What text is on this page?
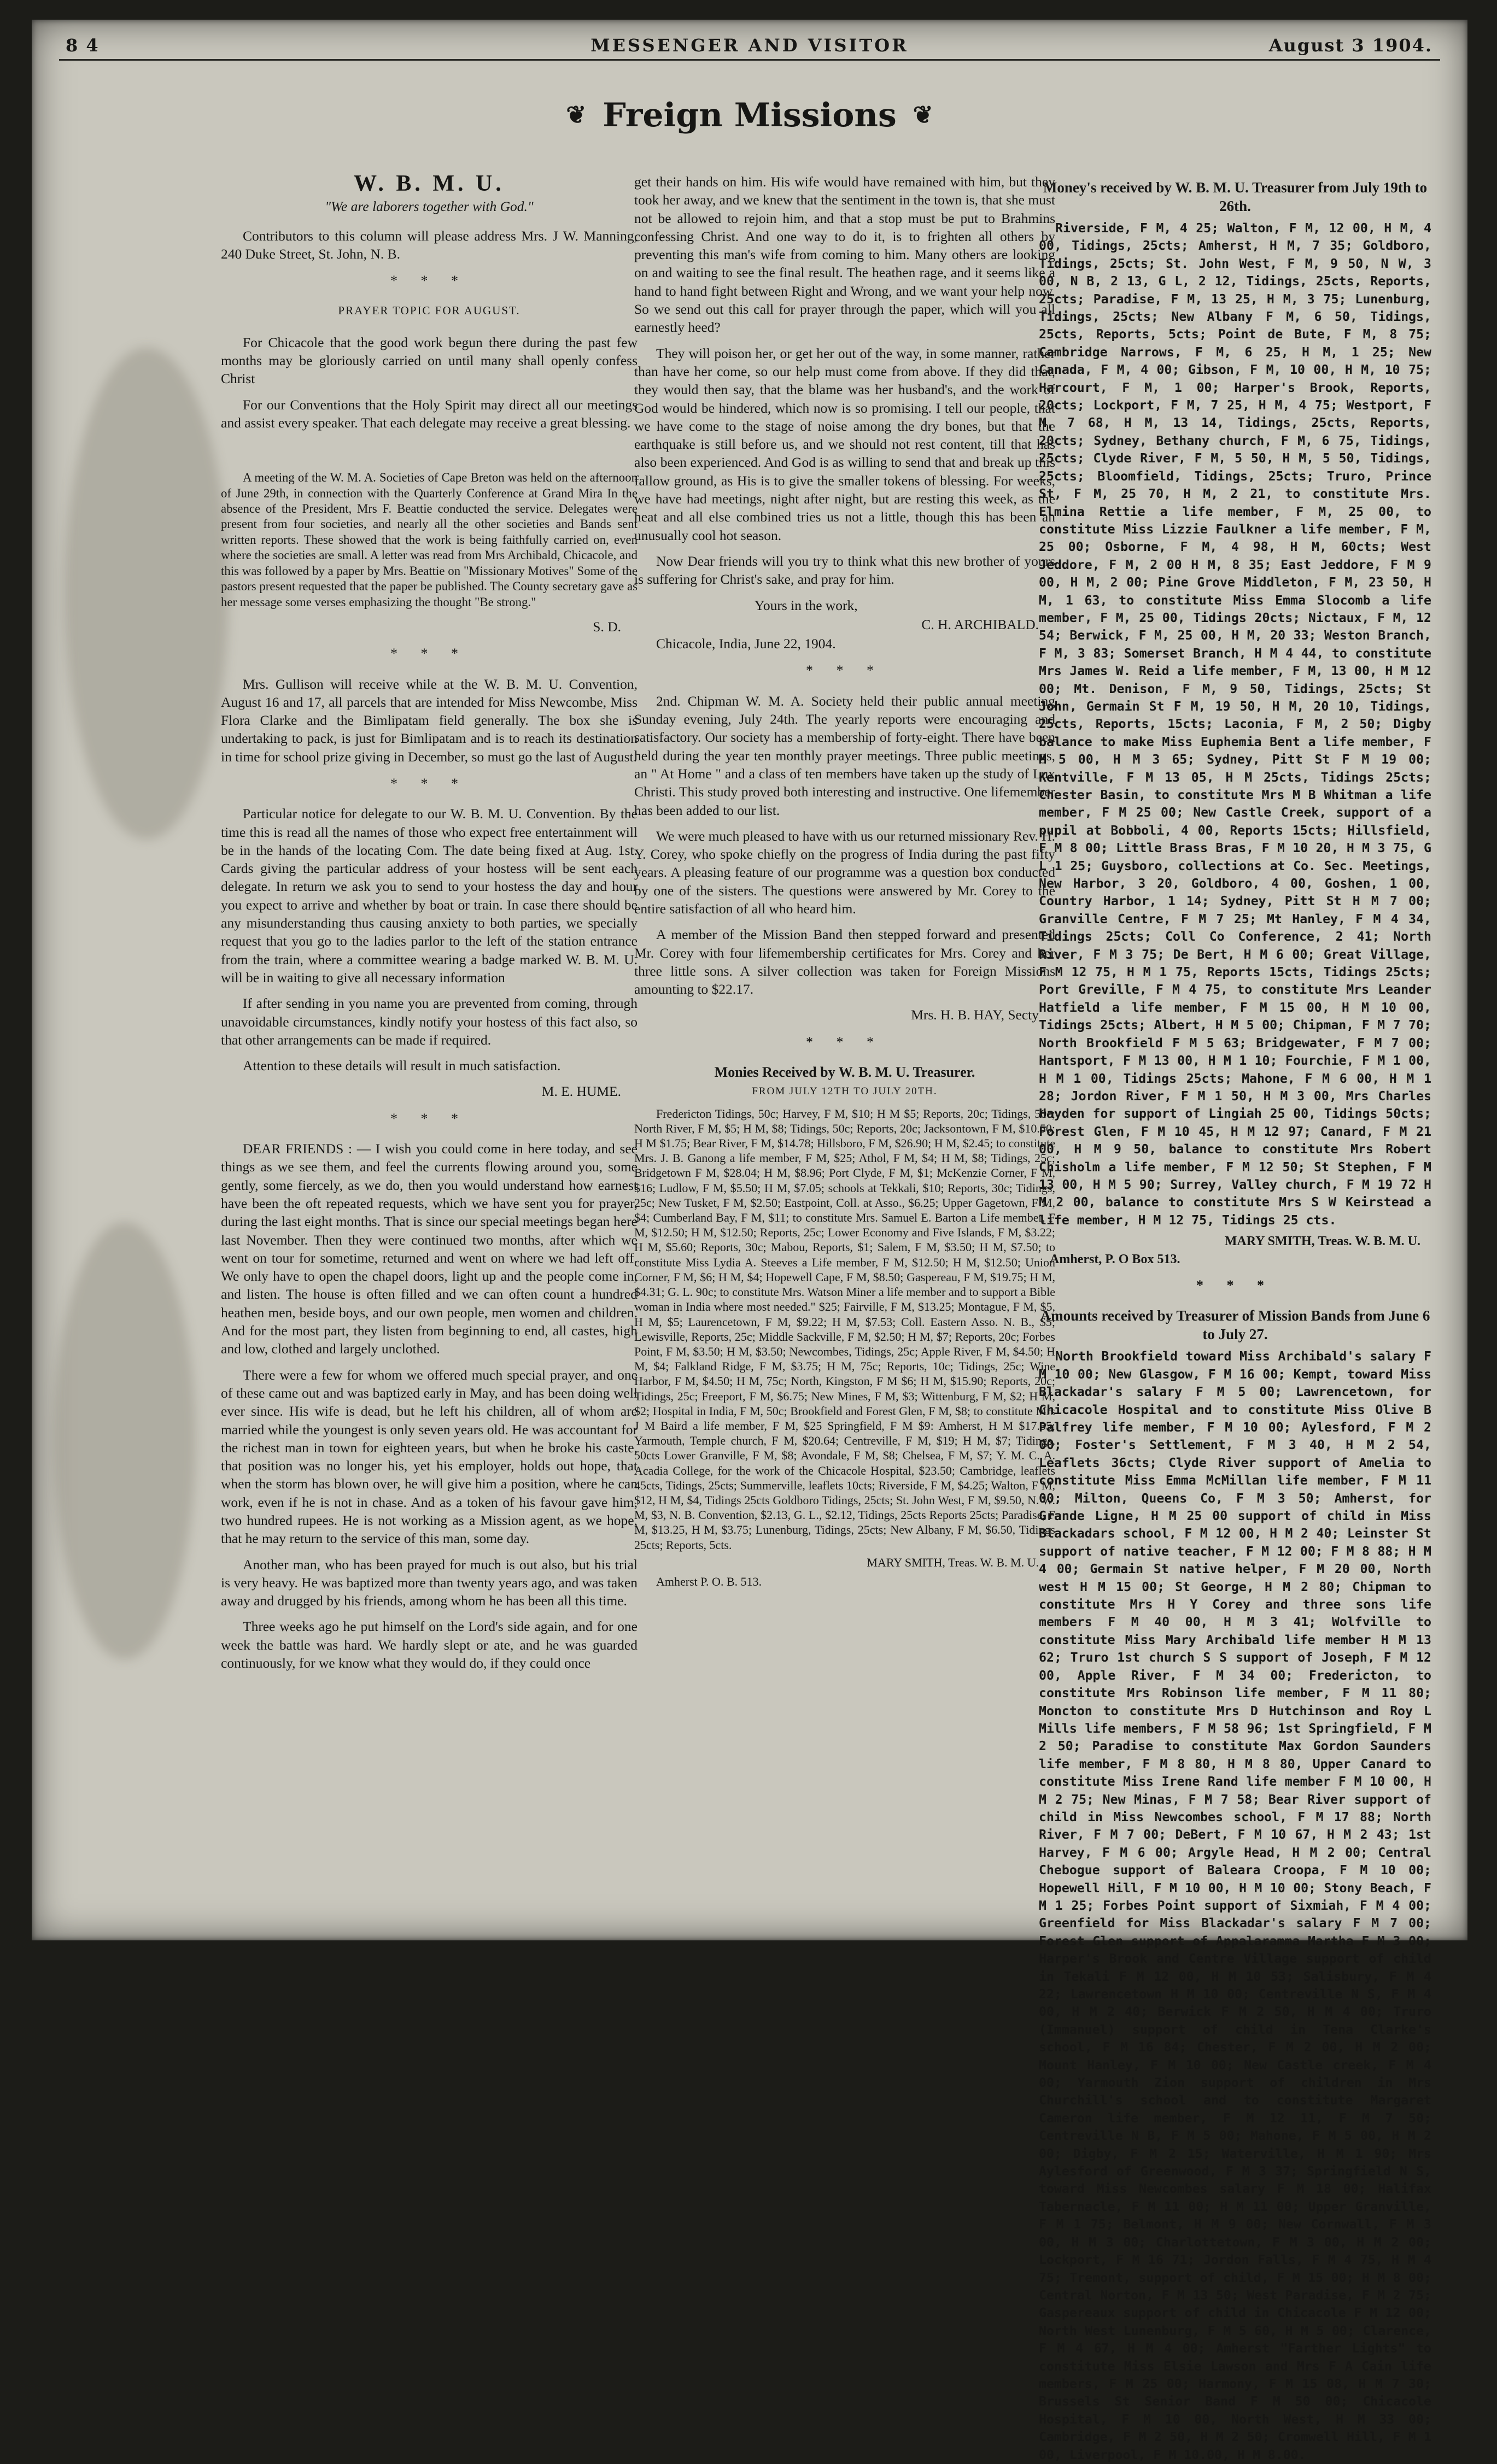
8 4	MESSENGER AND VISITOR	August 3 1904.
❦ Freign Missions ❦
W. B. M. U.
"We are laborers together with God."

Contributors to this column will please address Mrs. J W. Manning, 240 Duke Street, St. John, N. B.

* * *
PRAYER TOPIC FOR AUGUST.

For Chicacole that the good work begun there during the past few months may be gloriously carried on until many shall openly confess Christ

For our Conventions that the Holy Spirit may direct all our meetings and assist every speaker. That each delegate may receive a great blessing.

A meeting of the W. M. A. Societies of Cape Breton was held on the afternoon of June 29th, in connection with the Quarterly Conference at Grand Mira In the absence of the President, Mrs F. Beattie conducted the service. Delegates were present from four societies, and nearly all the other societies and Bands sent written reports. These showed that the work is being faithfully carried on, even where the societies are small. A letter was read from Mrs Archibald, Chicacole, and this was followed by a paper by Mrs. Beattie on "Missionary Motives" Some of the pastors present requested that the paper be published. The County secretary gave as her message some verses emphasizing the thought "Be strong."

S. D.

* * *

Mrs. Gullison will receive while at the W. B. M. U. Convention, August 16 and 17, all parcels that are intended for Miss Newcombe, Miss Flora Clarke and the Bimlipatam field generally. The box she is undertaking to pack, is just for Bimlipatam and is to reach its destination in time for school prize giving in December, so must go the last of August.

* * *

Particular notice for delegate to our W. B. M. U. Convention. By the time this is read all the names of those who expect free entertainment will be in the hands of the locating Com. The date being fixed at Aug. 1st. Cards giving the particular address of your hostess will be sent each delegate. In return we ask you to send to your hostess the day and hour you expect to arrive and whether by boat or train. In case there should be any misunderstanding thus causing anxiety to both parties, we specially request that you go to the ladies parlor to the left of the station entrance from the train, where a committee wearing a badge marked W. B. M. U. will be in waiting to give all necessary information

If after sending in you name you are prevented from coming, through unavoidable circumstances, kindly notify your hostess of this fact also, so that other arrangements can be made if required.

Attention to these details will result in much satisfaction.

M. E. HUME.

* * *

DEAR FRIENDS : — I wish you could come in here today, and see things as we see them, and feel the currents flowing around you, some gently, some fiercely, as we do, then you would understand how earnest have been the oft repeated requests, which we have sent you for prayer, during the last eight months. That is since our special meetings began here last November. Then they were continued two months, after which we went on tour for sometime, returned and went on where we had left off. We only have to open the chapel doors, light up and the people come in, and listen. The house is often filled and we can often count a hundred heathen men, beside boys, and our own people, men women and children. And for the most part, they listen from beginning to end, all castes, high and low, clothed and largely unclothed.

There were a few for whom we offered much special prayer, and one of these came out and was baptized early in May, and has been doing well ever since. His wife is dead, but he left his children, all of whom are married while the youngest is only seven years old. He was accountant for the richest man in town for eighteen years, but when he broke his caste, that position was no longer his, yet his employer, holds out hope, that when the storm has blown over, he will give him a position, where he can work, even if he is not in chase. And as a token of his favour gave him, two hundred rupees. He is not working as a Mission agent, as we hope, that he may return to the service of this man, some day.

Another man, who has been prayed for much is out also, but his trial is very heavy. He was baptized more than twenty years ago, and was taken away and drugged by his friends, among whom he has been all this time.

Three weeks ago he put himself on the Lord's side again, and for one week the battle was hard. We hardly slept or ate, and he was guarded continuously, for we know what they would do, if they could once

get their hands on him. His wife would have remained with him, but they took her away, and we knew that the sentiment in the town is, that she must not be allowed to rejoin him, and that a stop must be put to Brahmins confessing Christ. And one way to do it, is to frighten all others by preventing this man's wife from coming to him. Many others are looking on and waiting to see the final result. The heathen rage, and it seems like a hand to hand fight between Right and Wrong, and we want your help now. So we send out this call for prayer through the paper, which will you all earnestly heed?

They will poison her, or get her out of the way, in some manner, rather than have her come, so our help must come from above. If they did that, they would then say, that the blame was her husband's, and the work of God would be hindered, which now is so promising. I tell our people, that we have come to the stage of noise among the dry bones, but that the earthquake is still before us, and we should not rest content, till that has also been experienced. And God is as willing to send that and break up this fallow ground, as His is to give the smaller tokens of blessing. For weeks, we have had meetings, night after night, but are resting this week, as the heat and all else combined tries us not a little, though this has been an unusually cool hot season.

Now Dear friends will you try to think what this new brother of yours is suffering for Christ's sake, and pray for him.

Yours in the work,

C. H. ARCHIBALD.

Chicacole, India, June 22, 1904.

* * *

2nd. Chipman W. M. A. Society held their public annual meeting Sunday evening, July 24th. The yearly reports were encouraging and satisfactory. Our society has a membership of forty-eight. There have been held during the year ten monthly prayer meetings. Three public meetings, an " At Home " and a class of ten members have taken up the study of Lux Christi. This study proved both interesting and instructive. One lifemember has been added to our list.

We were much pleased to have with us our returned missionary Rev. H. Y. Corey, who spoke chiefly on the progress of India during the past fifty years. A pleasing feature of our programme was a question box conducted by one of the sisters. The questions were answered by Mr. Corey to the entire satisfaction of all who heard him.

A member of the Mission Band then stepped forward and presented Mr. Corey with four lifemembership certificates for Mrs. Corey and her three little sons. A silver collection was taken for Foreign Missions amounting to $22.17.

Mrs. H. B. HAY, Secty

* * *
Monies Received by W. B. M. U. Treasurer.
FROM JULY 12TH TO JULY 20TH.

Fredericton Tidings, 50c; Harvey, F M, $10; H M $5; Reports, 20c; Tidings, 50c; North River, F M, $5; H M, $8; Tidings, 50c; Reports, 20c; Jacksontown, F M, $10.50; H M $1.75; Bear River, F M, $14.78; Hillsboro, F M, $26.90; H M, $2.45; to constitute Mrs. J. B. Ganong a life member, F M, $25; Athol, F M, $4; H M, $8; Tidings, 25c; Bridgetown F M, $28.04; H M, $8.96; Port Clyde, F M, $1; McKenzie Corner, F M, $16; Ludlow, F M, $5.50; H M, $7.05; schools at Tekkali, $10; Reports, 30c; Tidings, 25c; New Tusket, F M, $2.50; Eastpoint, Coll. at Asso., $6.25; Upper Gagetown, F M, $4; Cumberland Bay, F M, $11; to constitute Mrs. Samuel E. Barton a Life member, F M, $12.50; H M, $12.50; Reports, 25c; Lower Economy and Five Islands, F M, $3.22; H M, $5.60; Reports, 30c; Mabou, Reports, $1; Salem, F M, $3.50; H M, $7.50; to constitute Miss Lydia A. Steeves a Life member, F M, $12.50; H M, $12.50; Union Corner, F M, $6; H M, $4; Hopewell Cape, F M, $8.50; Gaspereau, F M, $19.75; H M, $4.31; G. L. 90c; to constitute Mrs. Watson Miner a life member and to support a Bible woman in India where most needed." $25; Fairville, F M, $13.25; Montague, F M, $5, H M, $5; Laurencetown, F M, $9.22; H M, $7.53; Coll. Eastern Asso. N. B., $5; Lewisville, Reports, 25c; Middle Sackville, F M, $2.50; H M, $7; Reports, 20c; Forbes Point, F M, $3.50; H M, $3.50; Newcombes, Tidings, 25c; Apple River, F M, $4.50; H M, $4; Falkland Ridge, F M, $3.75; H M, 75c; Reports, 10c; Tidings, 25c; Wine Harbor, F M, $4.50; H M, 75c; North, Kingston, F M $6; H M, $15.90; Reports, 20c; Tidings, 25c; Freeport, F M, $6.75; New Mines, F M, $3; Wittenburg, F M, $2; H M, $2; Hospital in India, F M, 50c; Brookfield and Forest Glen, F M, $8; to constitute Mrs J M Baird a life member, F M, $25 Springfield, F M $9: Amherst, H M $17.35; Yarmouth, Temple church, F M, $20.64; Centreville, F M, $19; H M, $7; Tidings, 50cts Lower Granville, F M, $8; Avondale, F M, $8; Chelsea, F M, $7; Y. M. C. A. Acadia College, for the work of the Chicacole Hospital, $23.50; Cambridge, leaflets 45cts, Tidings, 25cts; Summerville, leaflets 10cts; Riverside, F M, $4.25; Walton, F M, $12, H M, $4, Tidings 25cts Goldboro Tidings, 25cts; St. John West, F M, $9.50, N. W. M, $3, N. B. Convention, $2.13, G. L., $2.12, Tidings, 25cts Reports 25cts; Paradise, F M, $13.25, H M, $3.75; Lunenburg, Tidings, 25cts; New Albany, F M, $6.50, Tidings 25cts; Reports, 5cts.

MARY SMITH, Treas. W. B. M. U.

Amherst P. O. B. 513.

Money's received by W. B. M. U. Treasurer from July 19th to 26th.

Riverside, F M, 4 25; Walton, F M, 12 00, H M, 4 00, Tidings, 25cts; Amherst, H M, 7 35; Goldboro, Tidings, 25cts; St. John West, F M, 9 50, N W, 3 00, N B, 2 13, G L, 2 12, Tidings, 25cts, Reports, 25cts; Paradise, F M, 13 25, H M, 3 75; Lunenburg, Tidings, 25cts; New Albany F M, 6 50, Tidings, 25cts, Reports, 5cts; Point de Bute, F M, 8 75; Cambridge Narrows, F M, 6 25, H M, 1 25; New Canada, F M, 4 00; Gibson, F M, 10 00, H M, 10 75; Harcourt, F M, 1 00; Harper's Brook, Reports, 20cts; Lockport, F M, 7 25, H M, 4 75; Westport, F M, 7 68, H M, 13 14, Tidings, 25cts, Reports, 20cts; Sydney, Bethany church, F M, 6 75, Tidings, 25cts; Clyde River, F M, 5 50, H M, 5 50, Tidings, 25cts; Bloomfield, Tidings, 25cts; Truro, Prince St, F M, 25 70, H M, 2 21, to constitute Mrs. Elmina Rettie a life member, F M, 25 00, to constitute Miss Lizzie Faulkner a life member, F M, 25 00; Osborne, F M, 4 98, H M, 60cts; West Jeddore, F M, 2 00 H M, 8 35; East Jeddore, F M 9 00, H M, 2 00; Pine Grove Middleton, F M, 23 50, H M, 1 63, to constitute Miss Emma Slocomb a life member, F M, 25 00, Tidings 20cts; Nictaux, F M, 12 54; Berwick, F M, 25 00, H M, 20 33; Weston Branch, F M, 3 83; Somerset Branch, H M 4 44, to constitute Mrs James W. Reid a life member, F M, 13 00, H M 12 00; Mt. Denison, F M, 9 50, Tidings, 25cts; St John, Germain St F M, 19 50, H M, 20 10, Tidings, 25cts, Reports, 15cts; Laconia, F M, 2 50; Digby balance to make Miss Euphemia Bent a life member, F M 5 00, H M 3 65; Sydney, Pitt St F M 19 00; Kentville, F M 13 05, H M 25cts, Tidings 25cts; Chester Basin, to constitute Mrs M B Whitman a life member, F M 25 00; New Castle Creek, support of a pupil at Bobboli, 4 00, Reports 15cts; Hillsfield, F M 8 00; Little Brass Bras, F M 10 20, H M 3 75, G L 1 25; Guysboro, collections at Co. Sec. Meetings, New Harbor, 3 20, Goldboro, 4 00, Goshen, 1 00, Country Harbor, 1 14; Sydney, Pitt St H M 7 00; Granville Centre, F M 7 25; Mt Hanley, F M 4 34, Tidings 25cts; Coll Co Conference, 2 41; North River, F M 3 75; De Bert, H M 6 00; Great Village, F M 12 75, H M 1 75, Reports 15cts, Tidings 25cts; Port Greville, F M 4 75, to constitute Mrs Leander Hatfield a life member, F M 15 00, H M 10 00, Tidings 25cts; Albert, H M 5 00; Chipman, F M 7 70; North Brookfield F M 5 63; Bridgewater, F M 7 00; Hantsport, F M 13 00, H M 1 10; Fourchie, F M 1 00, H M 1 00, Tidings 25cts; Mahone, F M 6 00, H M 1 28; Jordon River, F M 1 50, H M 3 00, Mrs Charles Hayden for support of Lingiah 25 00, Tidings 50cts; Forest Glen, F M 10 45, H M 12 97; Canard, F M 21 00, H M 9 50, balance to constitute Mrs Robert Chisholm a life member, F M 12 50; St Stephen, F M 13 00, H M 5 90; Surrey, Valley church, F M 19 72 H M 2 00, balance to constitute Mrs S W Keirstead a life member, H M 12 75, Tidings 25 cts.

MARY SMITH, Treas. W. B. M. U.
Amherst, P. O Box 513.
* * *
Amounts received by Treasurer of Mission Bands from June 6 to July 27.

North Brookfield toward Miss Archibald's salary F M 10 00; New Glasgow, F M 16 00; Kempt, toward Miss Blackadar's salary F M 5 00; Lawrencetown, for Chicacole Hospital and to constitute Miss Olive B Palfrey life member, F M 10 00; Aylesford, F M 2 00; Foster's Settlement, F M 3 40, H M 2 54, Leaflets 36cts; Clyde River support of Amelia to constitute Miss Emma McMillan life member, F M 11 00; Milton, Queens Co, F M 3 50; Amherst, for Grande Ligne, H M 25 00 support of child in Miss Blackadars school, F M 12 00, H M 2 40; Leinster St support of native teacher, F M 12 00; F M 8 88; H M 4 00; Germain St native helper, F M 20 00, North west H M 15 00; St George, H M 2 80; Chipman to constitute Mrs H Y Corey and three sons life members F M 40 00, H M 3 41; Wolfville to constitute Miss Mary Archibald life member H M 13 62; Truro 1st church S S support of Joseph, F M 12 00, Apple River, F M 34 00; Fredericton, to constitute Mrs Robinson life member, F M 11 80; Moncton to constitute Mrs D Hutchinson and Roy L Mills life members, F M 58 96; 1st Springfield, F M 2 50; Paradise to constitute Max Gordon Saunders life member, F M 8 80, H M 8 80, Upper Canard to constitute Miss Irene Rand life member F M 10 00, H M 2 75; New Minas, F M 7 58; Bear River support of child in Miss Newcombes school, F M 17 88; North River, F M 7 00; DeBert, F M 10 67, H M 2 43; 1st Harvey, F M 6 00; Argyle Head, H M 2 00; Central Chebogue support of Baleara Croopa, F M 10 00; Hopewell Hill, F M 10 00, H M 10 00; Stony Beach, F M 1 25; Forbes Point support of Sixmiah, F M 4 00; Greenfield for Miss Blackadar's salary F M 7 00; Forest Glen support of Appalaramma Martha F M 3 00; Harper's Brook and Centre Village support of child in Tekali F M 12 00, H M 10 53; Salisbury, F M 4 22; Lawrencetown H M 10 00; Centreville N S, F M 4 00, H M 2 40; Berwick F M 2 50, H M 4 00; Truro (Immanuel) support of child in Tena Clarke's school, F M 16 84; Chester, F M 2 00, H M 2 00; Mount Hanley, F M 10 00; New Castle creek, F M 4 00; Yarmouth Zion support of children in Mrs Churchill's school and to constitute Margaret Cameron life member, F M 12 11, F M 7 50; Centreville N B, F M 5 00; Mahone, F M 5 00, H M 2 00; Digby, F M 2 15; Waterville, H M 1 90; Mrs Aylesford of Greenwood, F M 3 37; Springfield N S, toward Miss Newcombes salary F M 18 00; Halifax Tabernacle, F M 11 00; H M 11 00; Upper Granville, F M 1 75; Belmont, H M 9 00; New Cornwall, F M 3 00, H M 3 00; Charlottetown, F M 3 00, H M 2 00; Lockport, F M 16 71; Jordon Falls, F M 4 75, H M 4 75; Tremont, support of child, F M 15 00; H M 8 00; Central Norton, F M 13 50; West Paradise, F M 2 75; Gaspereaux support of child in Chicacole F M 12 00; North West Lunenburg, F M 5 60, H M 5 00; Clarence, F M 4 67, H M 4 00; Amherst "Farther Lights" to constitute Miss Elsie Lawson and Mrs F A Cain life members, F M 25 00; Harmony, F M 15 08, H M 7 30; Brussels St Senior Band F M 50 00; Chicacole Hospital, F M 10 00, North West, H M 33 00; Cambridge, F M 2 50, H M 2 50; Cromwell Hill, F M 1 00, Liverpool, F M 10.00, H M 8.00.
